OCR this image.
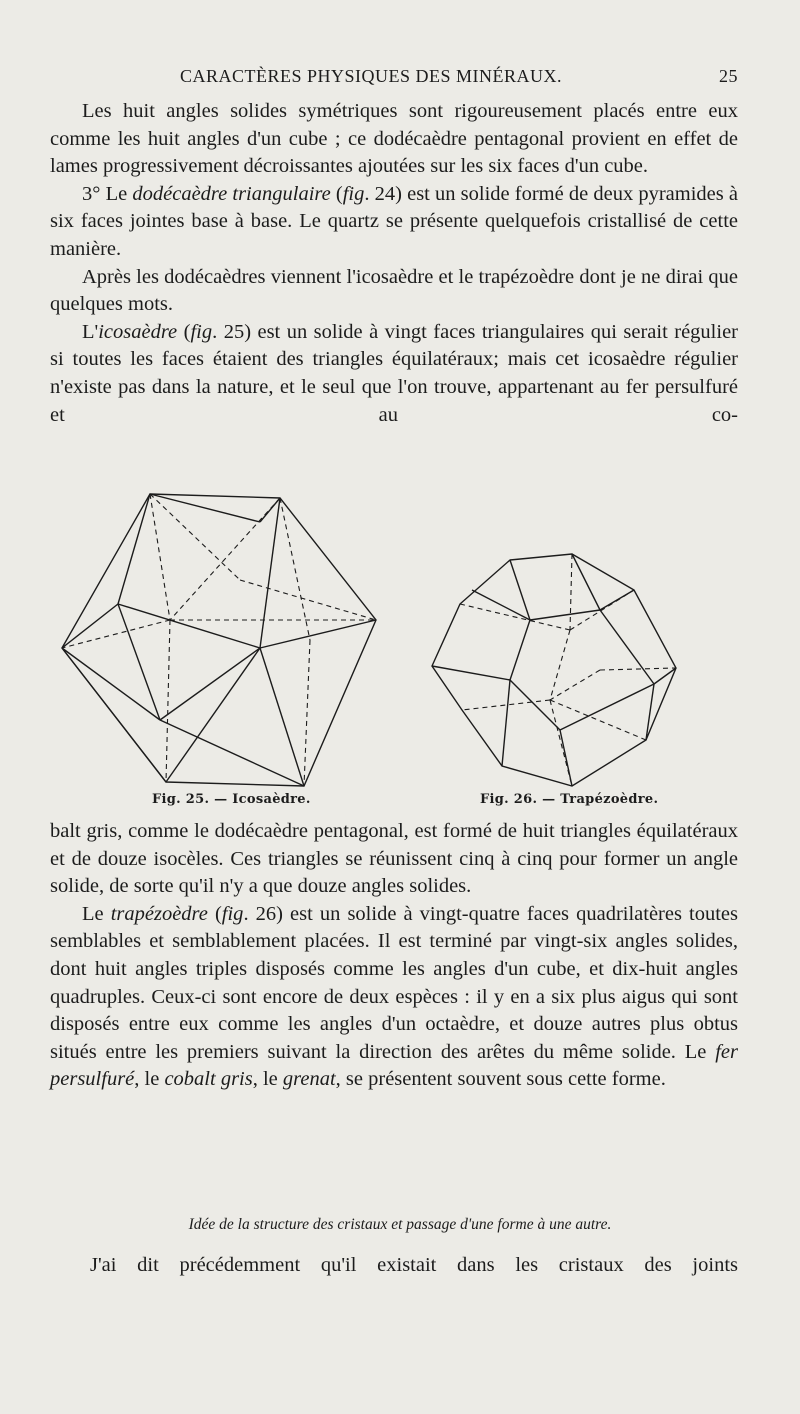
CARACTÈRES PHYSIQUES DES MINÉRAUX.	25

Les huit angles solides symétriques sont rigoureusement placés entre eux comme les huit angles d'un cube ; ce dodécaèdre pentagonal provient en effet de lames progressivement décroissantes ajoutées sur les six faces d'un cube.

3° Le dodécaèdre triangulaire (fig. 24) est un solide formé de deux pyramides à six faces jointes base à base. Le quartz se présente quelquefois cristallisé de cette manière.

Après les dodécaèdres viennent l'icosaèdre et le trapézoèdre dont je ne dirai que quelques mots.

L'icosaèdre (fig. 25) est un solide à vingt faces triangulaires qui serait régulier si toutes les faces étaient des triangles équilatéraux; mais cet icosaèdre régulier n'existe pas dans la nature, et le seul que l'on trouve, appartenant au fer persulfuré et au co-

Fig. 25. — Icosaèdre.	Fig. 26. — Trapézoèdre.

balt gris, comme le dodécaèdre pentagonal, est formé de huit triangles équilatéraux et de douze isocèles. Ces triangles se réunissent cinq à cinq pour former un angle solide, de sorte qu'il n'y a que douze angles solides.

Le trapézoèdre (fig. 26) est un solide à vingt-quatre faces quadrilatères toutes semblables et semblablement placées. Il est terminé par vingt-six angles solides, dont huit angles triples disposés comme les angles d'un cube, et dix-huit angles quadruples. Ceux-ci sont encore de deux espèces : il y en a six plus aigus qui sont disposés entre eux comme les angles d'un octaèdre, et douze autres plus obtus situés entre les premiers suivant la direction des arêtes du même solide. Le fer persulfuré, le cobalt gris, le grenat, se présentent souvent sous cette forme.

Idée de la structure des cristaux et passage d'une forme à une autre.
J'ai dit précédemment qu'il existait dans les cristaux des joints
